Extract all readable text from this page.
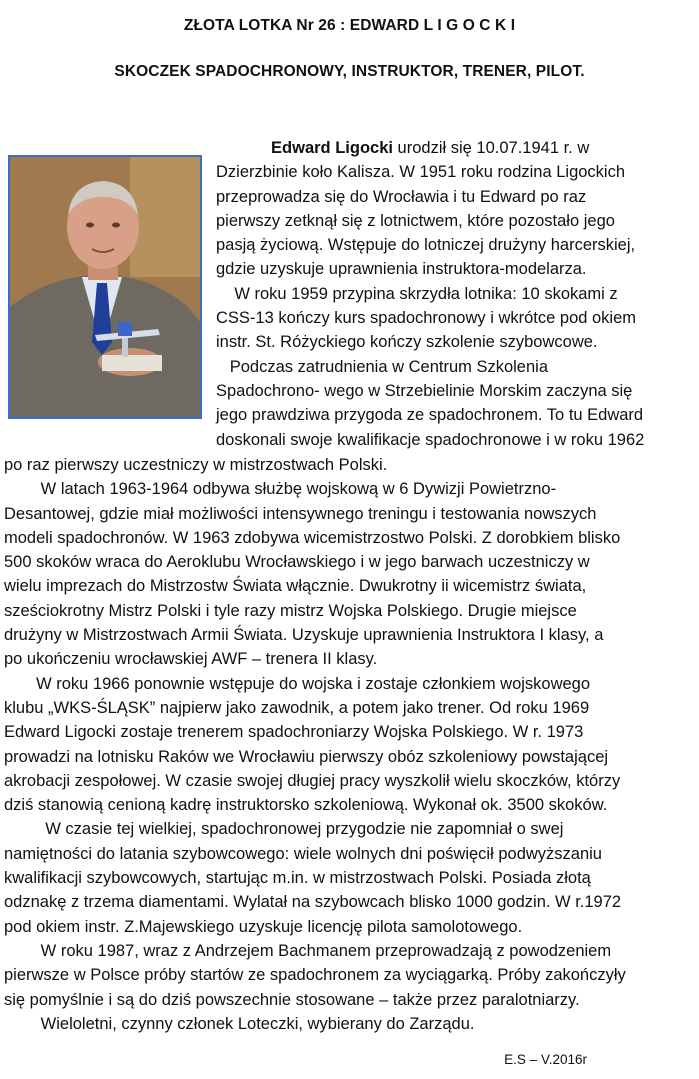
ZŁOTA LOTKA Nr 26 : EDWARD L I G O C K I
SKOCZEK SPADOCHRONOWY, INSTRUKTOR, TRENER, PILOT.
          Edward Ligocki urodził się 10.07.1941 r. w
Dzierzbinie koło Kalisza. W 1951 roku rodzina Ligockich
przeprowadza się do Wrocławia i tu Edward po raz
pierwszy zetknął się z lotnictwem, które pozostało jego
pasją życiową. Wstępuje do lotniczej drużyny harcerskiej,
gdzie uzyskuje uprawnienia instruktora-modelarza.
W roku 1959 przypina skrzydła lotnika: 10 skokami z
CSS-13 kończy kurs spadochronowy i wkrótce pod okiem
instr. St. Różyckiego kończy szkolenie szybowcowe.
Podczas zatrudnienia w Centrum Szkolenia
Spadochrono- wego w Strzebielinie Morskim zaczyna się
jego prawdziwa przygoda ze spadochronem. To tu Edward
doskonali swoje kwalifikacje spadochronowe i w roku 1962
po raz pierwszy uczestniczy w mistrzostwach Polski.
W latach 1963-1964 odbywa służbę wojskową w 6 Dywizji Powietrzno-
Desantowej, gdzie miał możliwości intensywnego treningu i testowania nowszych
modeli spadochronów. W 1963 zdobywa wicemistrzostwo Polski. Z dorobkiem blisko
500 skoków wraca do Aeroklubu Wrocławskiego i w jego barwach uczestniczy w
wielu imprezach do Mistrzostw Świata włącznie. Dwukrotny ii wicemistrz świata,
sześciokrotny Mistrz Polski i tyle razy mistrz Wojska Polskiego. Drugie miejsce
drużyny w Mistrzostwach Armii Świata. Uzyskuje uprawnienia Instruktora I klasy, a
po ukończeniu wrocławskiej AWF – trenera II klasy.
W roku 1966 ponownie wstępuje do wojska i zostaje członkiem wojskowego
klubu „WKS-ŚLĄSK” najpierw jako zawodnik, a potem jako trener. Od roku 1969
Edward Ligocki zostaje trenerem spadochroniarzy Wojska Polskiego. W r. 1973
prowadzi na lotnisku Raków we Wrocławiu pierwszy obóz szkoleniowy powstającej
akrobacji zespołowej. W czasie swojej długiej pracy wyszkolił wielu skoczków, którzy
dziś stanowią cenioną kadrę instruktorsko szkoleniową. Wykonał ok. 3500 skoków.
W czasie tej wielkiej, spadochronowej przygodzie nie zapomniał o swej
namiętności do latania szybowcowego: wiele wolnych dni poświęcił podwyższaniu
kwalifikacji szybowcowych, startując m.in. w mistrzostwach Polski. Posiada złotą
odznakę z trzema diamentami. Wylatał na szybowcach blisko 1000 godzin. W r.1972
pod okiem instr. Z.Majewskiego uzyskuje licencję pilota samolotowego.
W roku 1987, wraz z Andrzejem Bachmanem przeprowadzają z powodzeniem
pierwsze w Polsce próby startów ze spadochronem za wyciągarką. Próby zakończyły
się pomyślnie i są do dziś powszechnie stosowane – także przez paralotniarzy.
Wieloletni, czynny członek Loteczki, wybierany do Zarządu.
E.S – V.2016r
